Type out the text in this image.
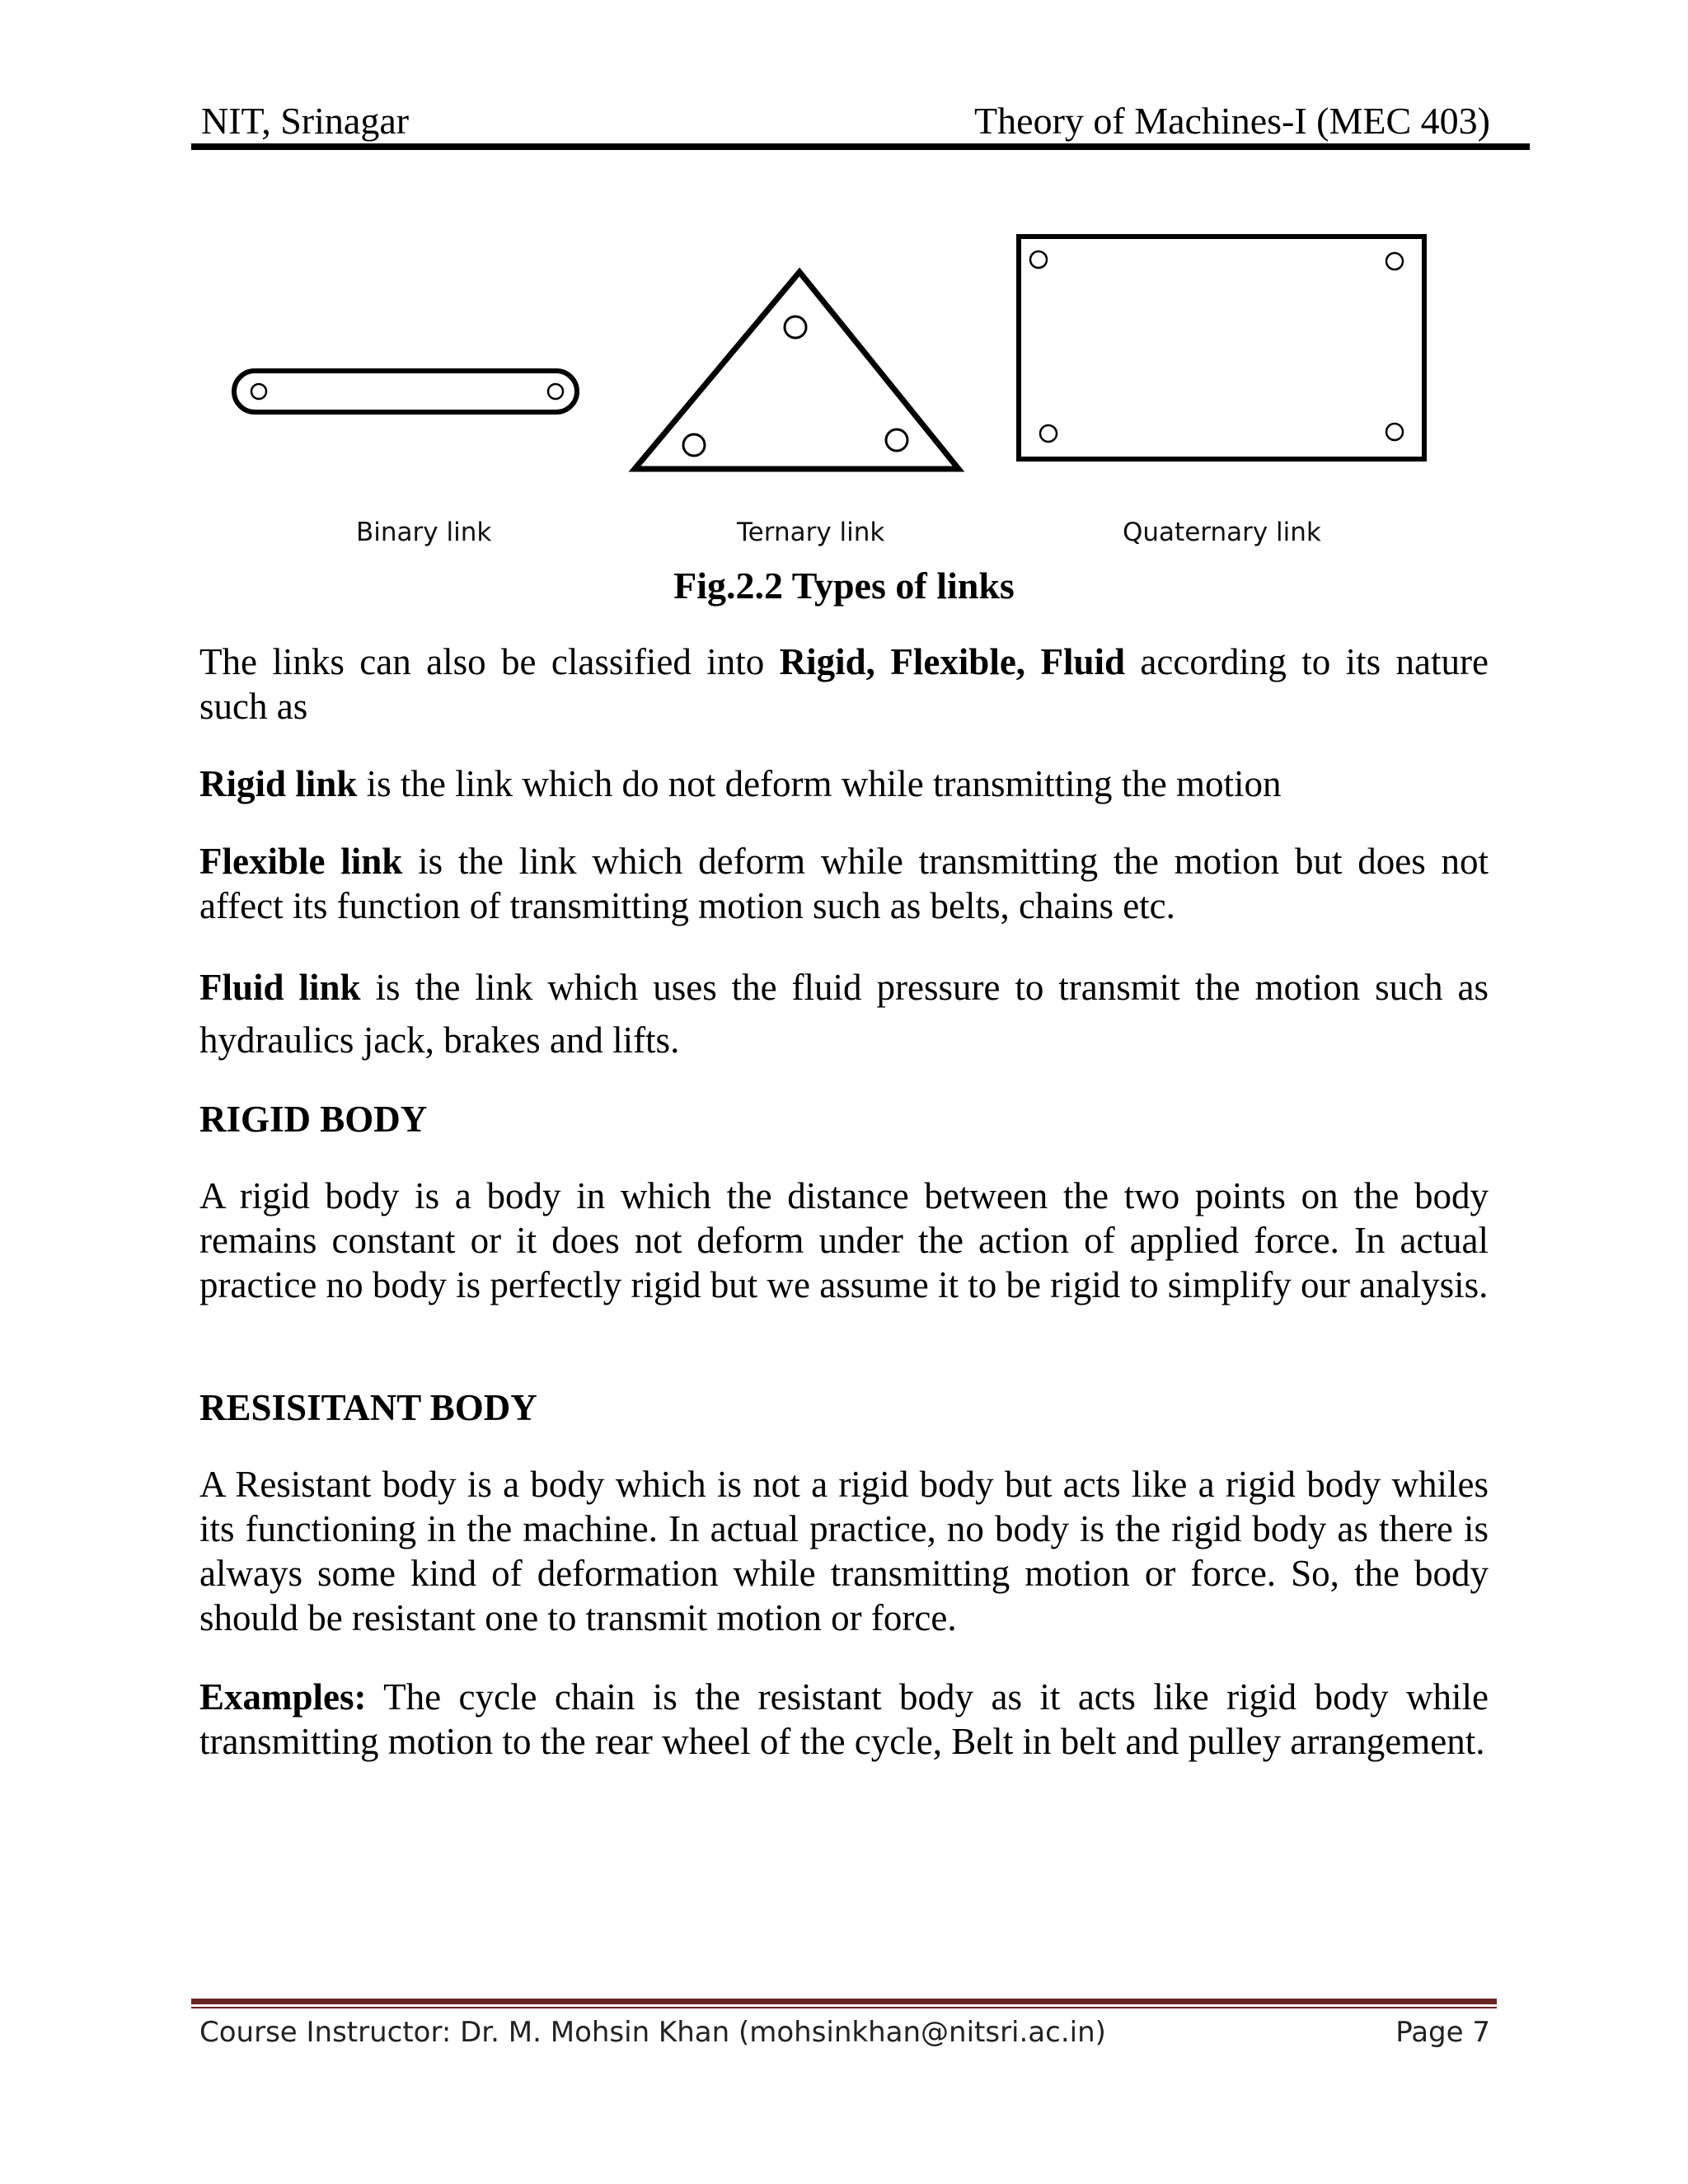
NIT, Srinagar	Theory of Machines-I (MEC 403)
Binary link	Ternary link	Quaternary link
Fig.2.2 Types of links
The links can also be classified into Rigid, Flexible, Fluid according to its nature such as
Rigid link is the link which do not deform while transmitting the motion
Flexible link is the link which deform while transmitting the motion but does not affect its function of transmitting motion such as belts, chains etc.
Fluid link is the link which uses the fluid pressure to transmit the motion such as hydraulics jack, brakes and lifts.
RIGID BODY
A rigid body is a body in which the distance between the two points on the body remains constant or it does not deform under the action of applied force. In actual practice no body is perfectly rigid but we assume it to be rigid to simplify our analysis.
RESISITANT BODY
A Resistant body is a body which is not a rigid body but acts like a rigid body whiles its functioning in the machine. In actual practice, no body is the rigid body as there is always some kind of deformation while transmitting motion or force. So, the body should be resistant one to transmit motion or force.
Examples: The cycle chain is the resistant body as it acts like rigid body while transmitting motion to the rear wheel of the cycle, Belt in belt and pulley arrangement.
Course Instructor: Dr. M. Mohsin Khan (mohsinkhan@nitsri.ac.in)	Page 7
